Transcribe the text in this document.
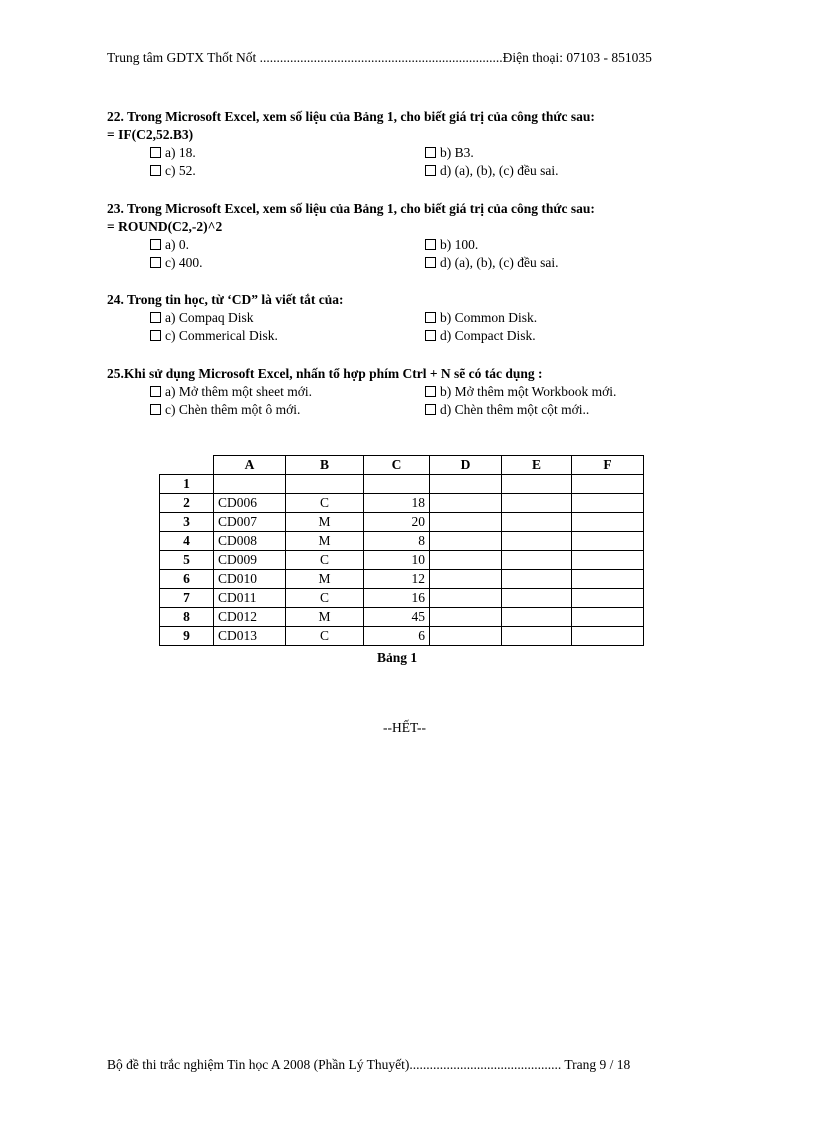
Trung tâm GDTX Thốt Nốt ........................................................................Điện thoại: 07103 - 851035
22. Trong Microsoft Excel, xem số liệu của Bảng 1, cho biết giá trị của công thức sau:
= IF(C2,52.B3)
a) 18.	b) B3.
c) 52.	d) (a), (b), (c) đều sai.
23. Trong Microsoft Excel, xem số liệu của Bảng 1, cho biết giá trị của công thức sau:
= ROUND(C2,-2)^2
a) 0.	b) 100.
c) 400.	d) (a), (b), (c) đều sai.
24. Trong tin học, từ ‘CD” là viết tắt của:
a) Compaq Disk	b) Common Disk.
c) Commerical Disk.	d) Compact Disk.
25.Khi sử dụng Microsoft Excel, nhấn tổ hợp phím Ctrl + N sẽ có tác dụng :
a) Mở thêm một sheet mới.	b) Mở thêm một Workbook mới.
c) Chèn thêm một ô mới.	d) Chèn thêm một cột mới..
	A	B	C	D	E	F
1						
2	CD006	C	18			
3	CD007	M	20			
4	CD008	M	8			
5	CD009	C	10			
6	CD010	M	12			
7	CD011	C	16			
8	CD012	M	45			
9	CD013	C	6			
Bảng 1
--HẾT--
Bộ đề thi trắc nghiệm Tin học A 2008 (Phần Lý Thuyết)............................................. Trang 9 / 18
